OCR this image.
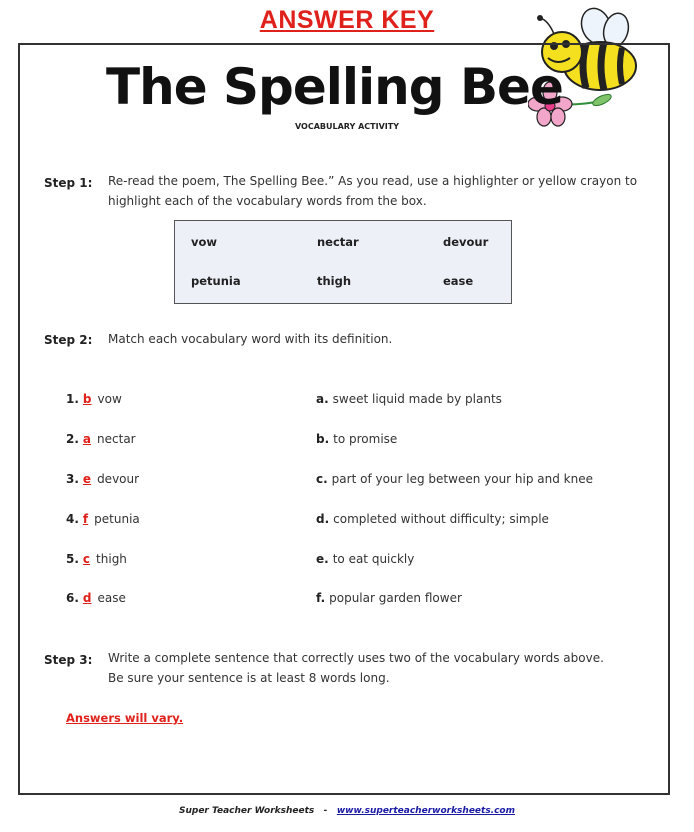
ANSWER KEY
The Spelling Bee
VOCABULARY ACTIVITY
Step 1: Re-read the poem, The Spelling Bee.” As you read, use a highlighter or yellow crayon to
highlight each of the vocabulary words from the box.
vow	nectar	devour
petunia	thigh	ease
Step 2: Match each vocabulary word with its definition.
1. b vow
2. a nectar
3. e devour
4. f petunia
5. c thigh
6. d ease
a. sweet liquid made by plants
b. to promise
c. part of your leg between your hip and knee
d. completed without difficulty; simple
e. to eat quickly
f. popular garden flower
Step 3: Write a complete sentence that correctly uses two of the vocabulary words above.
Be sure your sentence is at least 8 words long.
Answers will vary.
Super Teacher Worksheets - www.superteacherworksheets.com
